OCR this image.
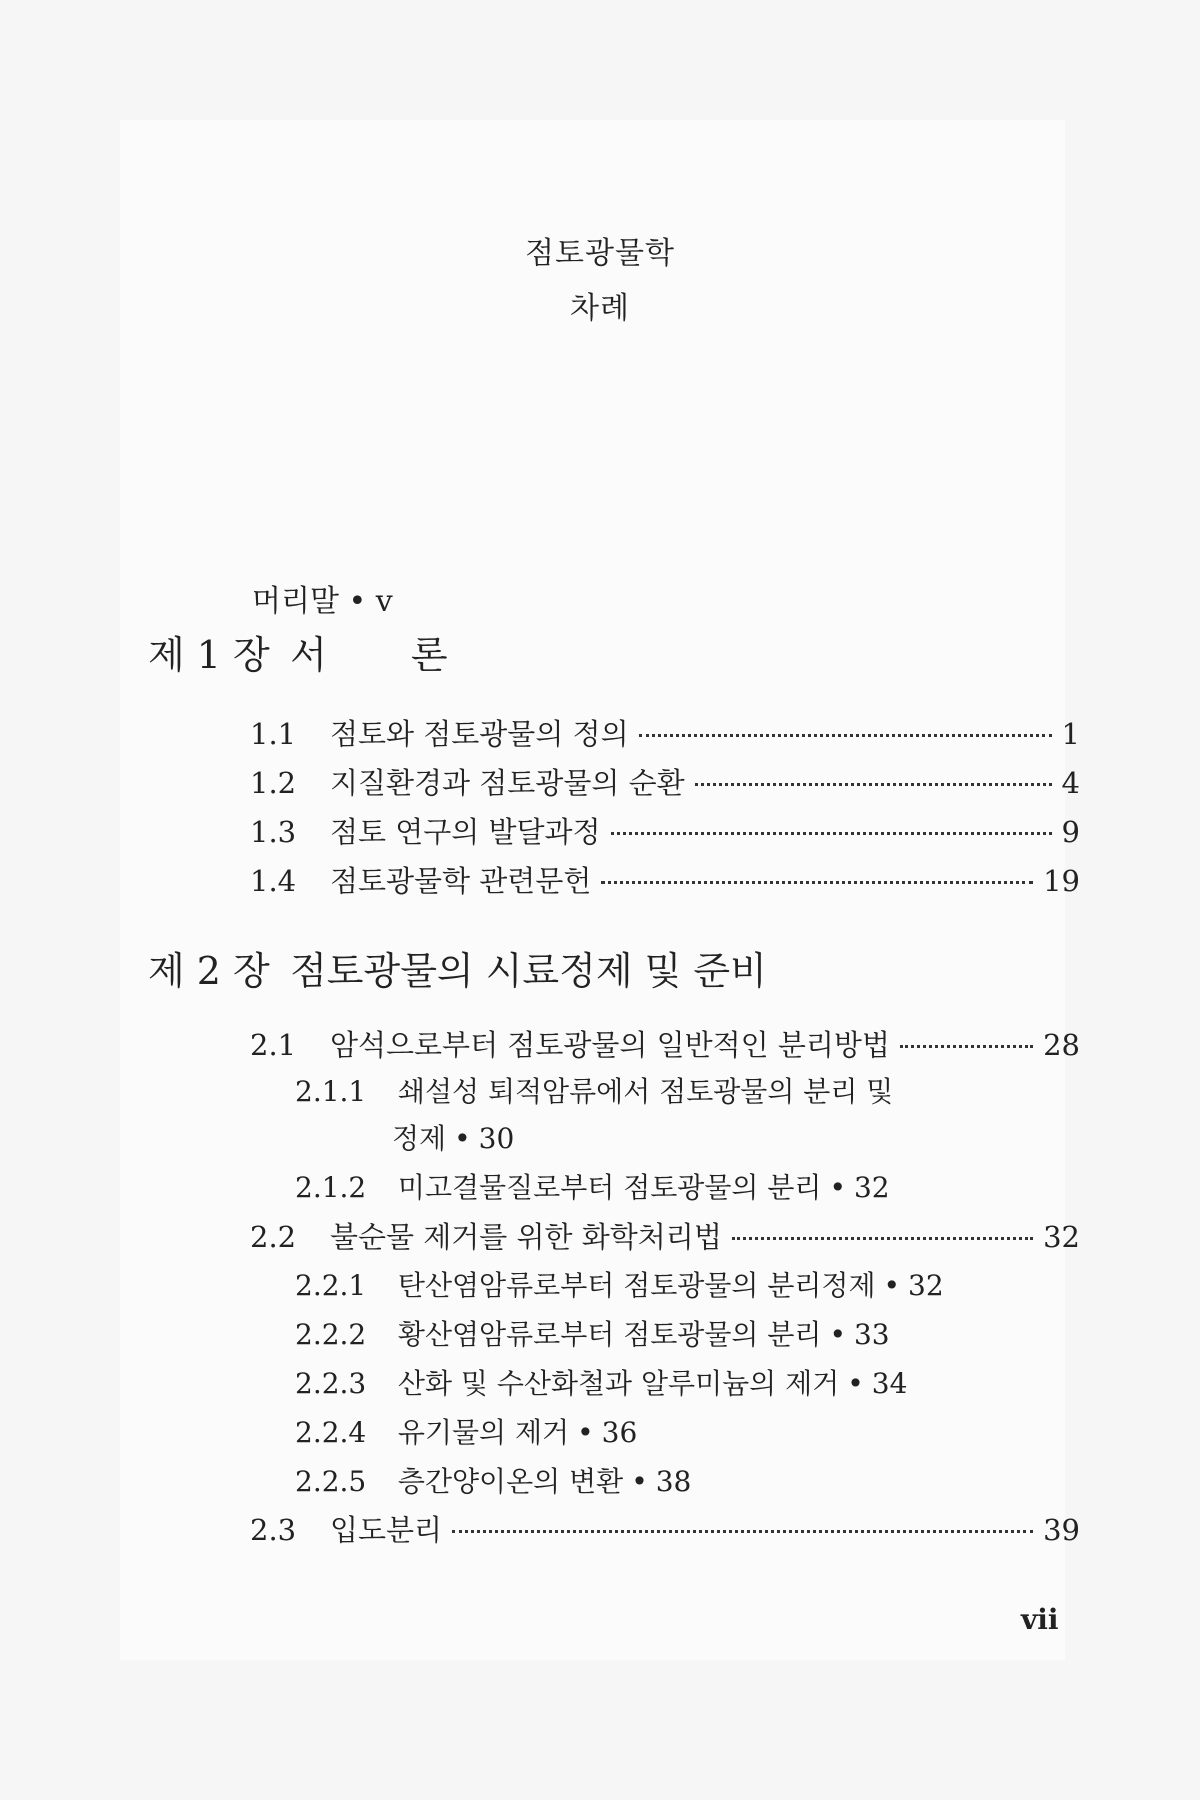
점토광물학
차례
머리말 • v
제 1 장 서 론
1.1	점토와 점토광물의 정의	1
1.2	지질환경과 점토광물의 순환	4
1.3	점토 연구의 발달과정	9
1.4	점토광물학 관련문헌	19
제 2 장 점토광물의 시료정제 및 준비
2.1	암석으로부터 점토광물의 일반적인 분리방법	28
2.1.1 쇄설성 퇴적암류에서 점토광물의 분리 및
정제 • 30
2.1.2 미고결물질로부터 점토광물의 분리 • 32
2.2	불순물 제거를 위한 화학처리법	32
2.2.1 탄산염암류로부터 점토광물의 분리정제 • 32
2.2.2 황산염암류로부터 점토광물의 분리 • 33
2.2.3 산화 및 수산화철과 알루미늄의 제거 • 34
2.2.4 유기물의 제거 • 36
2.2.5 층간양이온의 변환 • 38
2.3	입도분리	39
vii
